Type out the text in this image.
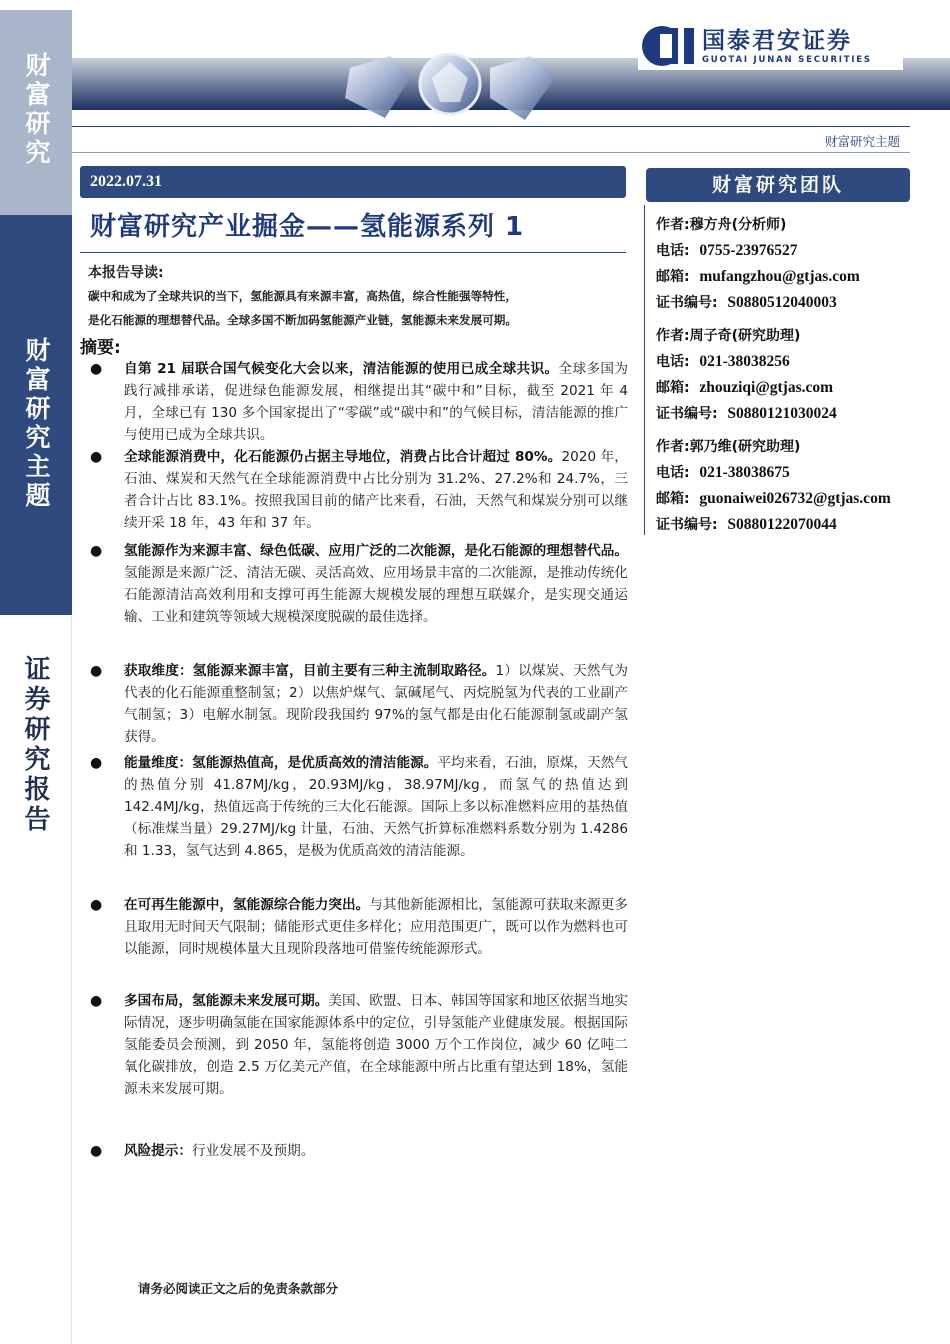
财富研究
财富研究主题
证券研究报告
国泰君安证券
GUOTAI JUNAN SECURITIES
财富研究主题
2022.07.31
财富研究产业掘金——氢能源系列 1
本报告导读:
碳中和成为了全球共识的当下，氢能源具有来源丰富，高热值，综合性能强等特性，
是化石能源的理想替代品。全球多国不断加码氢能源产业链，氢能源未来发展可期。
摘要:
●	自第 21 届联合国气候变化大会以来，清洁能源的使用已成全球共识。全球多国为践行减排承诺，促进绿色能源发展，相继提出其“碳中和”目标，截至 2021 年 4 月，全球已有 130 多个国家提出了“零碳”或“碳中和”的气候目标，清洁能源的推广与使用已成为全球共识。

●	全球能源消费中，化石能源仍占据主导地位，消费占比合计超过 80%。2020 年，石油、煤炭和天然气在全球能源消费中占比分别为 31.2%、27.2%和 24.7%，三者合计占比 83.1%。按照我国目前的储产比来看，石油，天然气和煤炭分别可以继续开采 18 年，43 年和 37 年。

●	氢能源作为来源丰富、绿色低碳、应用广泛的二次能源，是化石能源的理想替代品。氢能源是来源广泛、清洁无碳、灵活高效、应用场景丰富的二次能源，是推动传统化石能源清洁高效利用和支撑可再生能源大规模发展的理想互联媒介，是实现交通运输、工业和建筑等领域大规模深度脱碳的最佳选择。

●	获取维度：氢能源来源丰富，目前主要有三种主流制取路径。1）以煤炭、天然气为代表的化石能源重整制氢；2）以焦炉煤气、氯碱尾气、丙烷脱氢为代表的工业副产气制氢；3）电解水制氢。现阶段我国约 97%的氢气都是由化石能源制氢或副产氢获得。

●	能量维度：氢能源热值高，是优质高效的清洁能源。平均来看，石油，原煤，天然气的热值分别 41.87MJ/kg，20.93MJ/kg，38.97MJ/kg，而氢气的热值达到 142.4MJ/kg，热值远高于传统的三大化石能源。国际上多以标准燃料应用的基热值（标准煤当量）29.27MJ/kg 计量，石油、天然气折算标准燃料系数分别为 1.4286 和 1.33，氢气达到 4.865，是极为优质高效的清洁能源。

●	在可再生能源中，氢能源综合能力突出。与其他新能源相比，氢能源可获取来源更多且取用无时间天气限制；储能形式更佳多样化；应用范围更广，既可以作为燃料也可以能源，同时规模体量大且现阶段落地可借鉴传统能源形式。

●	多国布局，氢能源未来发展可期。美国、欧盟、日本、韩国等国家和地区依据当地实际情况，逐步明确氢能在国家能源体系中的定位，引导氢能产业健康发展。根据国际氢能委员会预测，到 2050 年，氢能将创造 3000 万个工作岗位，减少 60 亿吨二氧化碳排放，创造 2.5 万亿美元产值，在全球能源中所占比重有望达到 18%，氢能源未来发展可期。

●	风险提示：行业发展不及预期。

财富研究团队
作者:穆方舟(分析师)
电话: 0755-23976527
邮箱: mufangzhou@gtjas.com
证书编号: S0880512040003
作者:周子奇(研究助理)
电话: 021-38038256
邮箱: zhouziqi@gtjas.com
证书编号: S0880121030024
作者:郭乃维(研究助理)
电话: 021-38038675
邮箱: guonaiwei026732@gtjas.com
证书编号: S0880122070044
请务必阅读正文之后的免责条款部分
